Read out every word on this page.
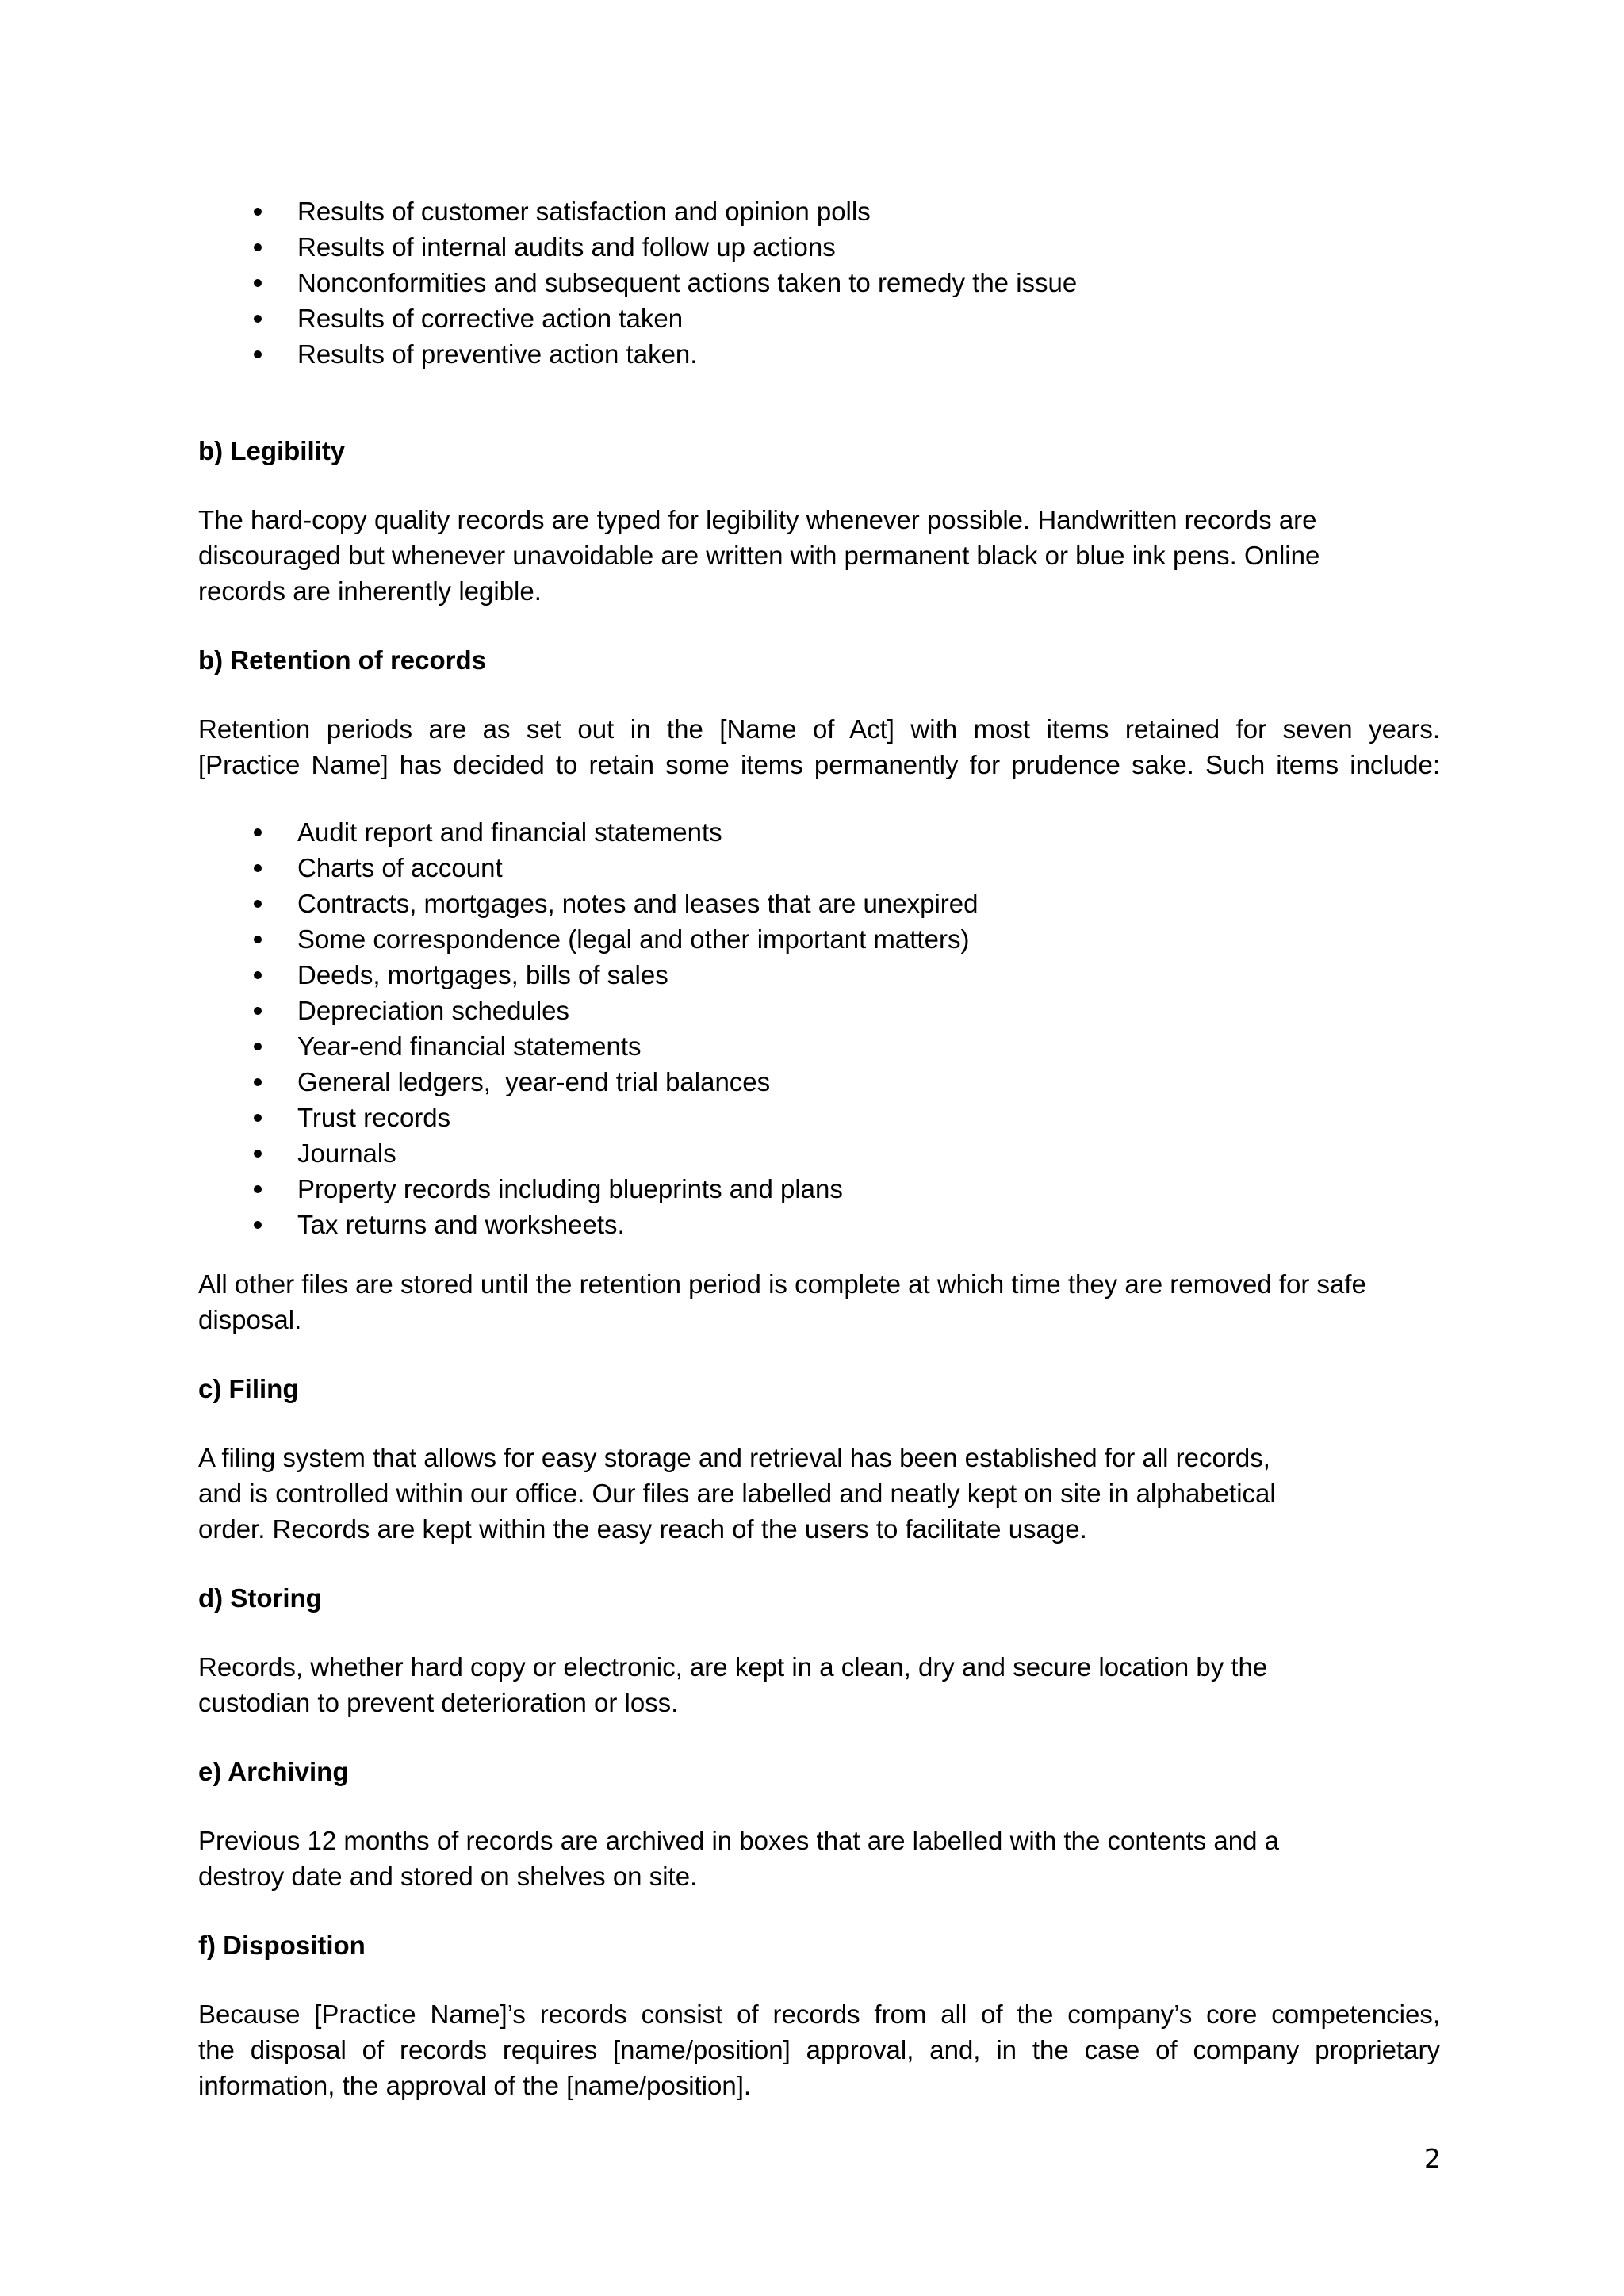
Results of customer satisfaction and opinion polls
Results of internal audits and follow up actions
Nonconformities and subsequent actions taken to remedy the issue
Results of corrective action taken
Results of preventive action taken.

b) Legibility

The hard-copy quality records are typed for legibility whenever possible. Handwritten records are
discouraged but whenever unavoidable are written with permanent black or blue ink pens. Online
records are inherently legible.

b) Retention of records

Retention periods are as set out in the [Name of Act] with most items retained for seven years.
[Practice Name] has decided to retain some items permanently for prudence sake. Such items include:
Audit report and financial statements
Charts of account
Contracts, mortgages, notes and leases that are unexpired
Some correspondence (legal and other important matters)
Deeds, mortgages, bills of sales
Depreciation schedules
Year-end financial statements
General ledgers,  year-end trial balances
Trust records
Journals
Property records including blueprints and plans
Tax returns and worksheets.
All other files are stored until the retention period is complete at which time they are removed for safe
disposal.

c) Filing

A filing system that allows for easy storage and retrieval has been established for all records,
and is controlled within our office. Our files are labelled and neatly kept on site in alphabetical
order. Records are kept within the easy reach of the users to facilitate usage.

d) Storing

Records, whether hard copy or electronic, are kept in a clean, dry and secure location by the
custodian to prevent deterioration or loss.

e) Archiving

Previous 12 months of records are archived in boxes that are labelled with the contents and a
destroy date and stored on shelves on site.

f) Disposition

Because [Practice Name]’s records consist of records from all of the company’s core competencies,
the disposal of records requires [name/position] approval, and, in the case of company proprietary
information, the approval of the [name/position].
2
